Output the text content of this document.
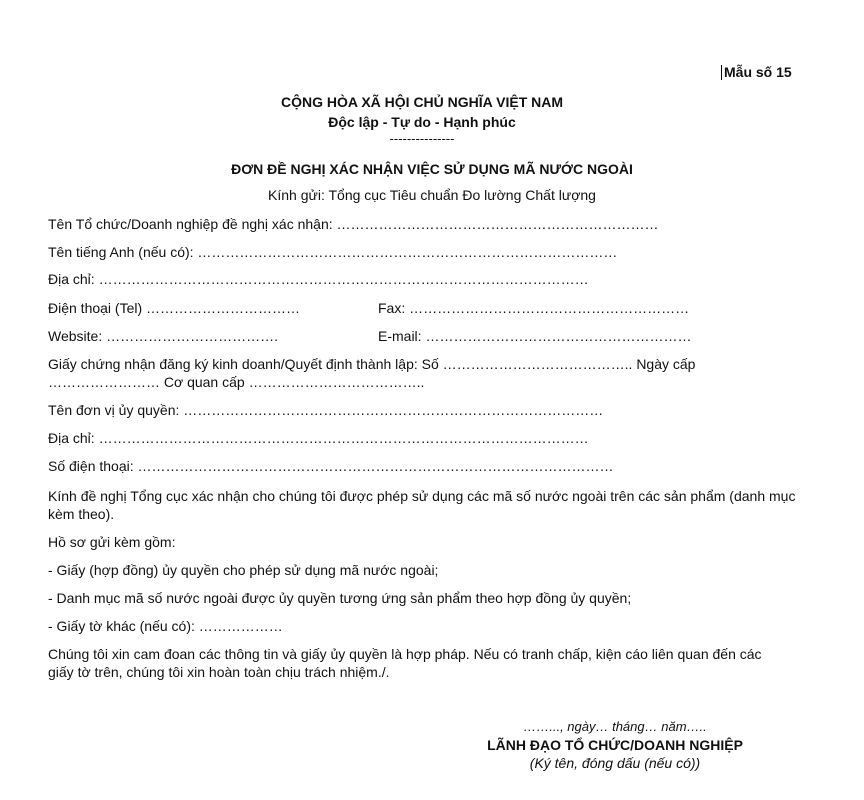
Mẫu số 15
CỘNG HÒA XÃ HỘI CHỦ NGHĨA VIỆT NAM
Độc lập - Tự do - Hạnh phúc
---------------
ĐƠN ĐỀ NGHỊ XÁC NHẬN VIỆC SỬ DỤNG MÃ NƯỚC NGOÀI
Kính gửi: Tổng cục Tiêu chuẩn Đo lường Chất lượng
Tên Tổ chức/Doanh nghiệp đề nghị xác nhận: ……………………………………………………………
Tên tiếng Anh (nếu có): ………………………………………………………………………………
Địa chỉ: ……………………………………………………………………………………………
Điện thoại (Tel) ……………………………	Fax: ……………………………………………………
Website: ……………………………….	E-mail: …………………………………………………
Giấy chứng nhận đăng ký kinh doanh/Quyết định thành lập: Số ………………………………….. Ngày cấp
…………………… Cơ quan cấp ………………………………..
Tên đơn vị ủy quyền: ………………………………………………………………………………
Địa chỉ: ……………………………………………………………………………………………
Số điện thoại: …………………………………………………………………………………………
Kính đề nghị Tổng cục xác nhận cho chúng tôi được phép sử dụng các mã số nước ngoài trên các sản phẩm (danh mục kèm theo).
Hồ sơ gửi kèm gồm:
- Giấy (hợp đồng) ủy quyền cho phép sử dụng mã nước ngoài;
- Danh mục mã số nước ngoài được ủy quyền tương ứng sản phẩm theo hợp đồng ủy quyền;
- Giấy tờ khác (nếu có): ………………
Chúng tôi xin cam đoan các thông tin và giấy ủy quyền là hợp pháp. Nếu có tranh chấp, kiện cáo liên quan đến các giấy tờ trên, chúng tôi xin hoàn toàn chịu trách nhiệm./.
……..., ngày… tháng… năm…..
LÃNH ĐẠO TỔ CHỨC/DOANH NGHIỆP
(Ký tên, đóng dấu (nếu có))
